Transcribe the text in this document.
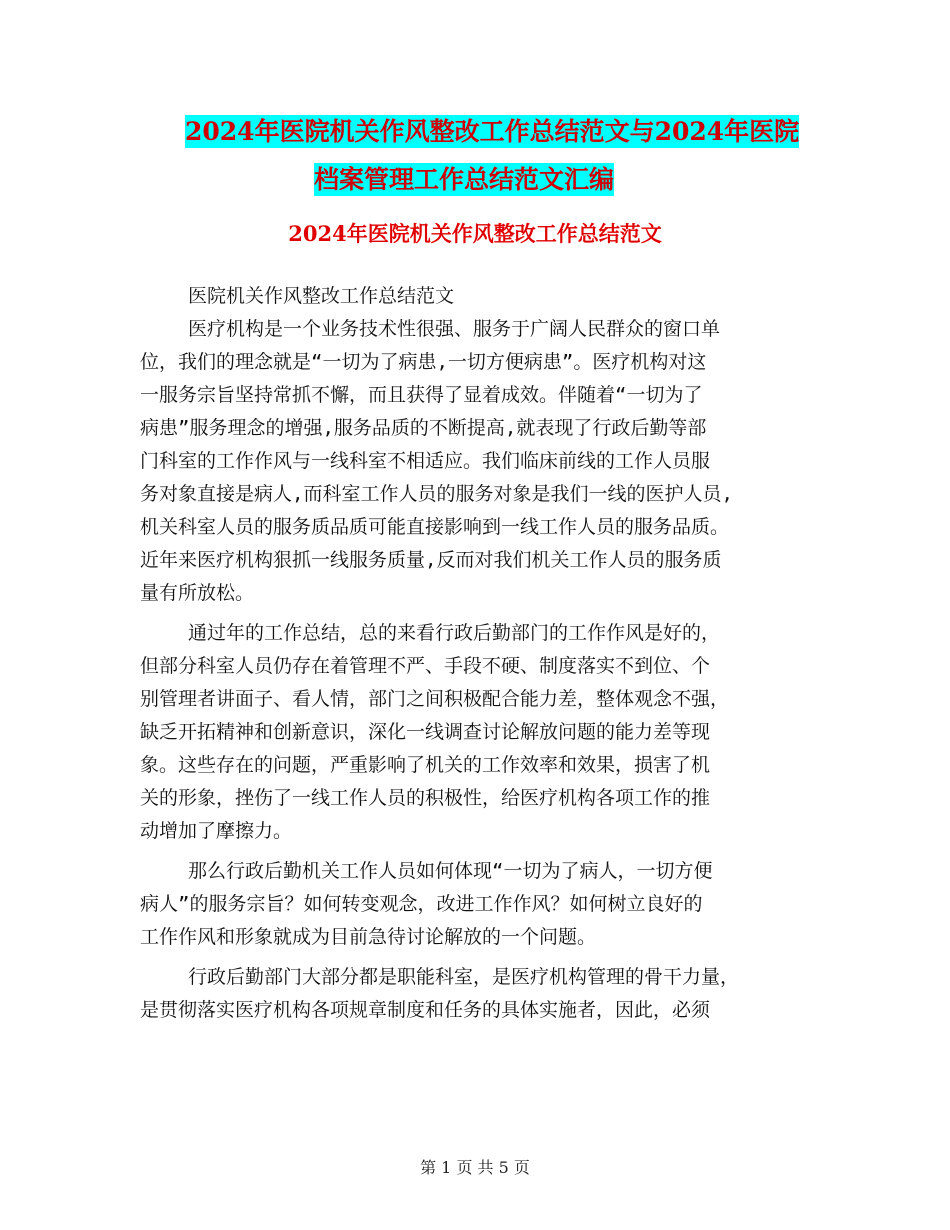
2024年医院机关作风整改工作总结范文与2024年医院
档案管理工作总结范文汇编
2024年医院机关作风整改工作总结范文
医院机关作风整改工作总结范文
医疗机构是一个业务技术性很强、服务于广阔人民群众的窗口单
位，我们的理念就是“一切为了病患,一切方便病患”。医疗机构对这
一服务宗旨坚持常抓不懈，而且获得了显着成效。伴随着“一切为了
病患”服务理念的增强,服务品质的不断提高,就表现了行政后勤等部
门科室的工作作风与一线科室不相适应。我们临床前线的工作人员服
务对象直接是病人,而科室工作人员的服务对象是我们一线的医护人员,
机关科室人员的服务质品质可能直接影响到一线工作人员的服务品质。
近年来医疗机构狠抓一线服务质量,反而对我们机关工作人员的服务质
量有所放松。
通过年的工作总结，总的来看行政后勤部门的工作作风是好的，
但部分科室人员仍存在着管理不严、手段不硬、制度落实不到位、个
别管理者讲面子、看人情，部门之间积极配合能力差，整体观念不强，
缺乏开拓精神和创新意识，深化一线调查讨论解放问题的能力差等现
象。这些存在的问题，严重影响了机关的工作效率和效果，损害了机
关的形象，挫伤了一线工作人员的积极性，给医疗机构各项工作的推
动增加了摩擦力。
那么行政后勤机关工作人员如何体现“一切为了病人，一切方便
病人”的服务宗旨？如何转变观念，改进工作作风？如何树立良好的
工作作风和形象就成为目前急待讨论解放的一个问题。
行政后勤部门大部分都是职能科室，是医疗机构管理的骨干力量，
是贯彻落实医疗机构各项规章制度和任务的具体实施者，因此，必须
第 1 页 共 5 页
